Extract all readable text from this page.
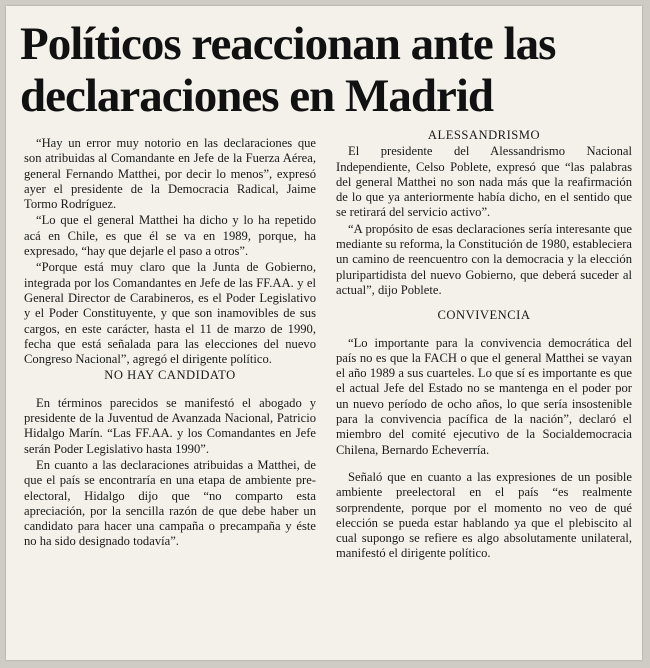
Políticos reaccionan ante las declaraciones en Madrid

“Hay un error muy notorio en las declaraciones que son atribuidas al Comandante en Jefe de la Fuerza Aérea, general Fernando Matthei, por decir lo menos”, expresó ayer el presidente de la Democracia Radical, Jaime Tormo Rodríguez.

“Lo que el general Matthei ha dicho y lo ha repetido acá en Chile, es que él se va en 1989, porque, ha expresado, “hay que dejarle el paso a otros”.

“Porque está muy claro que la Junta de Gobierno, integrada por los Comandantes en Jefe de las FF.AA. y el General Director de Carabineros, es el Poder Legislativo y el Poder Constituyente, y que son inamovibles de sus cargos, en este carácter, hasta el 11 de marzo de 1990, fecha que está señalada para las elecciones del nuevo Congreso Nacional”, agregó el dirigente político.

NO HAY CANDIDATO

En términos parecidos se manifestó el abogado y presidente de la Juventud de Avanzada Nacional, Patricio Hidalgo Marín. “Las FF.AA. y los Comandantes en Jefe serán Poder Legislativo hasta 1990”.

En cuanto a las declaraciones atribuidas a Matthei, de que el país se encontraría en una etapa de ambiente pre-electoral, Hidalgo dijo que “no comparto esta apreciación, por la sencilla razón de que debe haber un candidato para hacer una campaña o precampaña y éste no ha sido designado todavía”.

ALESSANDRISMO

El presidente del Alessandrismo Nacional Independiente, Celso Poblete, expresó que “las palabras del general Matthei no son nada más que la reafirmación de lo que ya anteriormente había dicho, en el sentido que se retirará del servicio activo”.

“A propósito de esas declaraciones sería interesante que mediante su reforma, la Constitución de 1980, estableciera un camino de reencuentro con la democracia y la elección pluripartidista del nuevo Gobierno, que deberá suceder al actual”, dijo Poblete.

CONVIVENCIA

“Lo importante para la convivencia democrática del país no es que la FACH o que el general Matthei se vayan el año 1989 a sus cuarteles. Lo que sí es importante es que el actual Jefe del Estado no se mantenga en el poder por un nuevo período de ocho años, lo que sería insostenible para la convivencia pacífica de la nación”, declaró el miembro del comité ejecutivo de la Socialdemocracia Chilena, Bernardo Echeverría.

Señaló que en cuanto a las expresiones de un posible ambiente preelectoral en el país “es realmente sorprendente, porque por el momento no veo de qué elección se pueda estar hablando ya que el plebiscito al cual supongo se refiere es algo absolutamente unilateral, manifestó el dirigente político.
